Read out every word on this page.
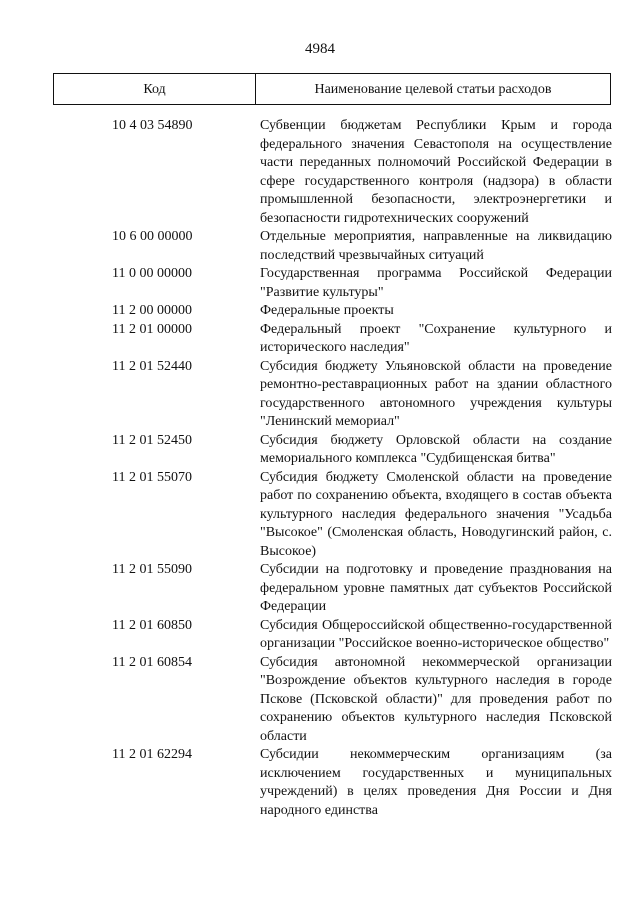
4984
Код	Наименование целевой статьи расходов
10 4 03 54890	Субвенции бюджетам Республики Крым и города федерального значения Севастополя на осуществление части переданных полномочий Российской Федерации в сфере государственного контроля (надзора) в области промышленной безопасности, электроэнергетики и безопасности гидротехнических сооружений
10 6 00 00000	Отдельные мероприятия, направленные на ликвидацию последствий чрезвычайных ситуаций
11 0 00 00000	Государственная программа Российской Федерации "Развитие культуры"
11 2 00 00000	Федеральные проекты
11 2 01 00000	Федеральный проект "Сохранение культурного и исторического наследия"
11 2 01 52440	Субсидия бюджету Ульяновской области на проведение ремонтно-реставрационных работ на здании областного государственного автономного учреждения культуры "Ленинский мемориал"
11 2 01 52450	Субсидия бюджету Орловской области на создание мемориального комплекса "Судбищенская битва"
11 2 01 55070	Субсидия бюджету Смоленской области на проведение работ по сохранению объекта, входящего в состав объекта культурного наследия федерального значения "Усадьба "Высокое" (Смоленская область, Новодугинский район, с. Высокое)
11 2 01 55090	Субсидии на подготовку и проведение празднования на федеральном уровне памятных дат субъектов Российской Федерации
11 2 01 60850	Субсидия Общероссийской общественно-государственной организации "Российское военно-историческое общество"
11 2 01 60854	Субсидия автономной некоммерческой организации "Возрождение объектов культурного наследия в городе Пскове (Псковской области)" для проведения работ по сохранению объектов культурного наследия Псковской области
11 2 01 62294	Субсидии некоммерческим организациям (за исключением государственных и муниципальных учреждений) в целях проведения Дня России и Дня народного единства
